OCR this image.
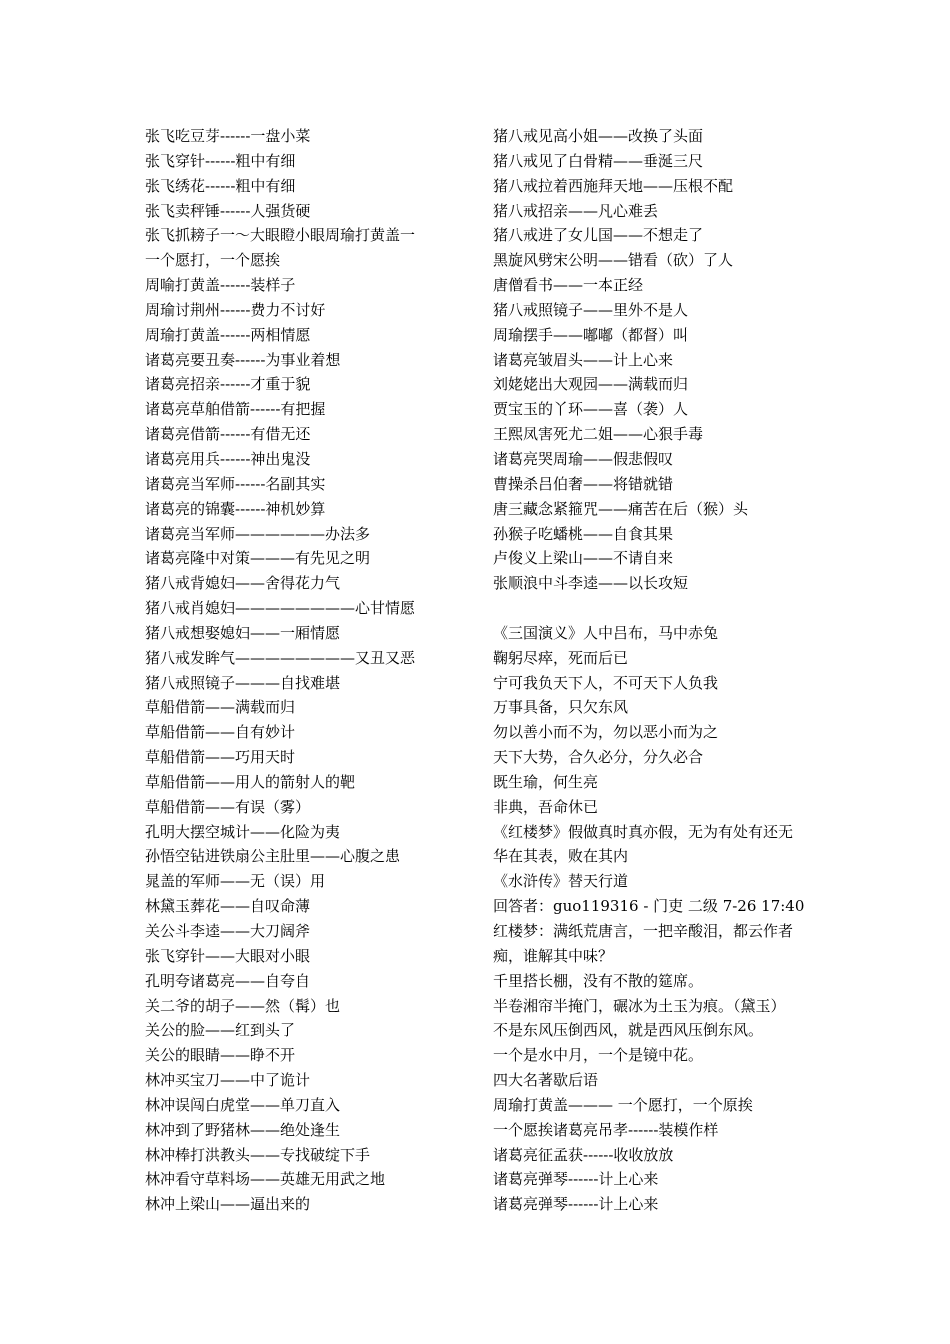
张飞吃豆芽------一盘小菜
张飞穿针------粗中有细
张飞绣花------粗中有细
张飞卖秤锤------人强货硬
张飞抓耪子一～大眼瞪小眼周瑜打黄盖一
一个愿打，一个愿挨
周喻打黄盖------装样子
周瑜讨荆州------费力不讨好
周瑜打黄盖------两相情愿
诸葛亮要丑奏------为事业着想
诸葛亮招亲------才重于貌
诸葛亮草舶借箭------有把握
诸葛亮借箭------有借无还
诸葛亮用兵------神出鬼没
诸葛亮当军师------名副其实
诸葛亮的锦囊------神机妙算
诸葛亮当军师——————办法多
诸葛亮隆中对策———有先见之明
猪八戒背媳妇——舍得花力气
猪八戒肖媳妇————————心甘情愿
猪八戒想娶媳妇——一厢情愿
猪八戒发眸气————————又丑又恶
猪八戒照镜子———自找难堪
草船借箭——满载而归
草船借箭——自有妙计
草船借箭——巧用天时
草船借箭——用人的箭射人的靶
草船借箭——有误（雾）
孔明大摆空城计——化险为夷
孙悟空钻进铁扇公主肚里——心腹之患
晁盖的军师——无（误）用
林黛玉葬花——自叹命薄
关公斗李逵——大刀阔斧
张飞穿针——大眼对小眼
孔明夸诸葛亮——自夸自
关二爷的胡子——然（髯）也
关公的脸——红到头了
关公的眼睛——睁不开
林冲买宝刀——中了诡计
林冲误闯白虎堂——单刀直入
林冲到了野猪林——绝处逢生
林冲棒打洪教头——专找破绽下手
林冲看守草料场——英雄无用武之地
林冲上梁山——逼出来的
猪八戒见高小姐——改换了头面
猪八戒见了白骨精——垂涎三尺
猪八戒拉着西施拜天地——压根不配
猪八戒招亲——凡心难丢
猪八戒进了女儿国——不想走了
黑旋风劈宋公明——错看（砍）了人
唐僧看书——一本正经
猪八戒照镜子——里外不是人
周瑜摆手——嘟嘟（都督）叫
诸葛亮皱眉头——计上心来
刘姥姥出大观园——满载而归
贾宝玉的丫环——喜（袭）人
王熙凤害死尤二姐——心狠手毒
诸葛亮哭周瑜——假悲假叹
曹操杀吕伯奢——将错就错
唐三藏念紧箍咒——痛苦在后（猴）头
孙猴子吃蟠桃——自食其果
卢俊义上梁山——不请自来
张顺浪中斗李逵——以长攻短
《三国演义》人中吕布，马中赤兔
鞠躬尽瘁，死而后已
宁可我负天下人，不可天下人负我
万事具备，只欠东风
勿以善小而不为，勿以恶小而为之
天下大势，合久必分，分久必合
既生瑜，何生亮
非典，吾命休已
《红楼梦》假做真时真亦假，无为有处有还无
华在其表，败在其内
《水浒传》替天行道
回答者：guo119316 - 门吏 二级 7-26 17:40
红楼梦：满纸荒唐言，一把辛酸泪，都云作者
痴，谁解其中味？
千里搭长棚，没有不散的筵席。
半卷湘帘半掩门，碾冰为土玉为痕。（黛玉）
不是东风压倒西风，就是西风压倒东风。
一个是水中月，一个是镜中花。
四大名著歇后语
周瑜打黄盖——— 一个愿打，一个原挨
一个愿挨诸葛亮吊孝------装模作样
诸葛亮征孟获------收收放放
诸葛亮弹琴------计上心来
诸葛亮弹琴------计上心来
